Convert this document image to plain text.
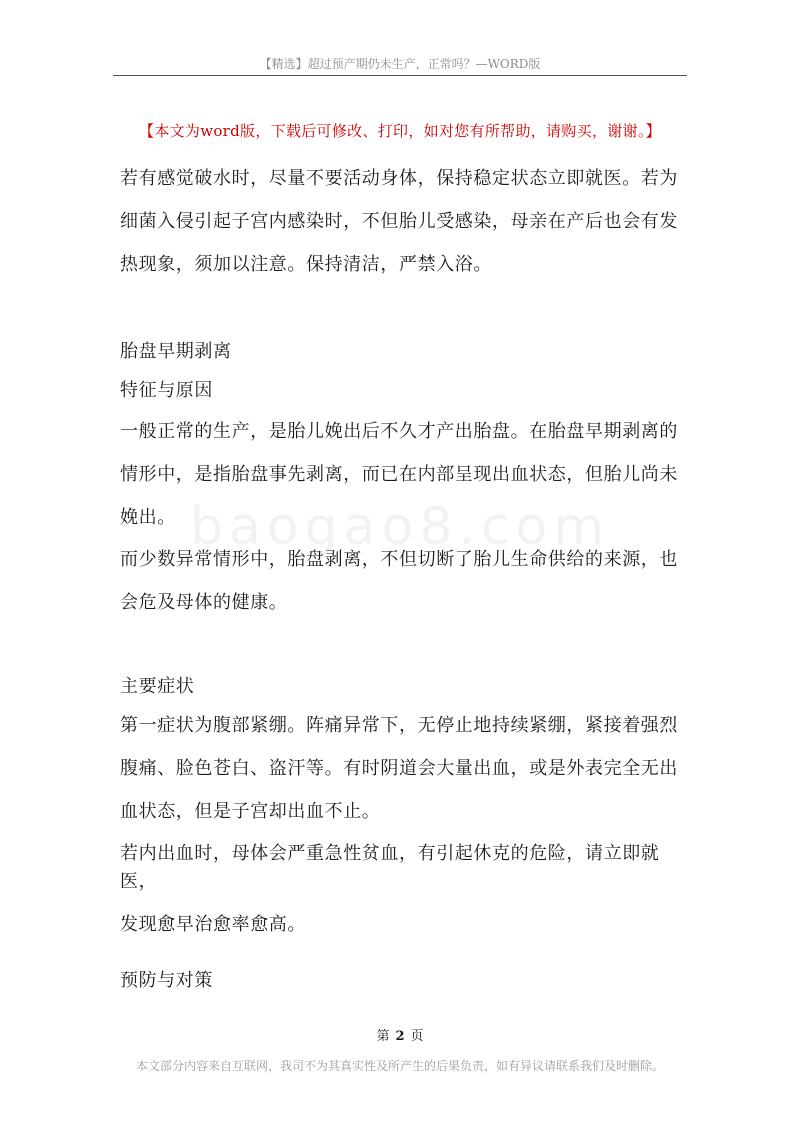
【精选】超过预产期仍未生产，正常吗？—WORD版
【本文为word版，下载后可修改、打印，如对您有所帮助，请购买，谢谢。】
baogao8.com

若有感觉破水时，尽量不要活动身体，保持稳定状态立即就医。若为

细菌入侵引起子宫内感染时，不但胎儿受感染，母亲在产后也会有发

热现象，须加以注意。保持清洁，严禁入浴。

胎盘早期剥离
特征与原因

一般正常的生产，是胎儿娩出后不久才产出胎盘。在胎盘早期剥离的

情形中，是指胎盘事先剥离，而已在内部呈现出血状态，但胎儿尚未

娩出。

而少数异常情形中，胎盘剥离，不但切断了胎儿生命供给的来源，也

会危及母体的健康。

主要症状

第一症状为腹部紧绷。阵痛异常下，无停止地持续紧绷，紧接着强烈

腹痛、脸色苍白、盗汗等。有时阴道会大量出血，或是外表完全无出

血状态，但是子宫却出血不止。

若内出血时，母体会严重急性贫血，有引起休克的危险，请立即就医，

发现愈早治愈率愈高。

预防与对策
第 2 页
本文部分内容来自互联网，我司不为其真实性及所产生的后果负责，如有异议请联系我们及时删除。
